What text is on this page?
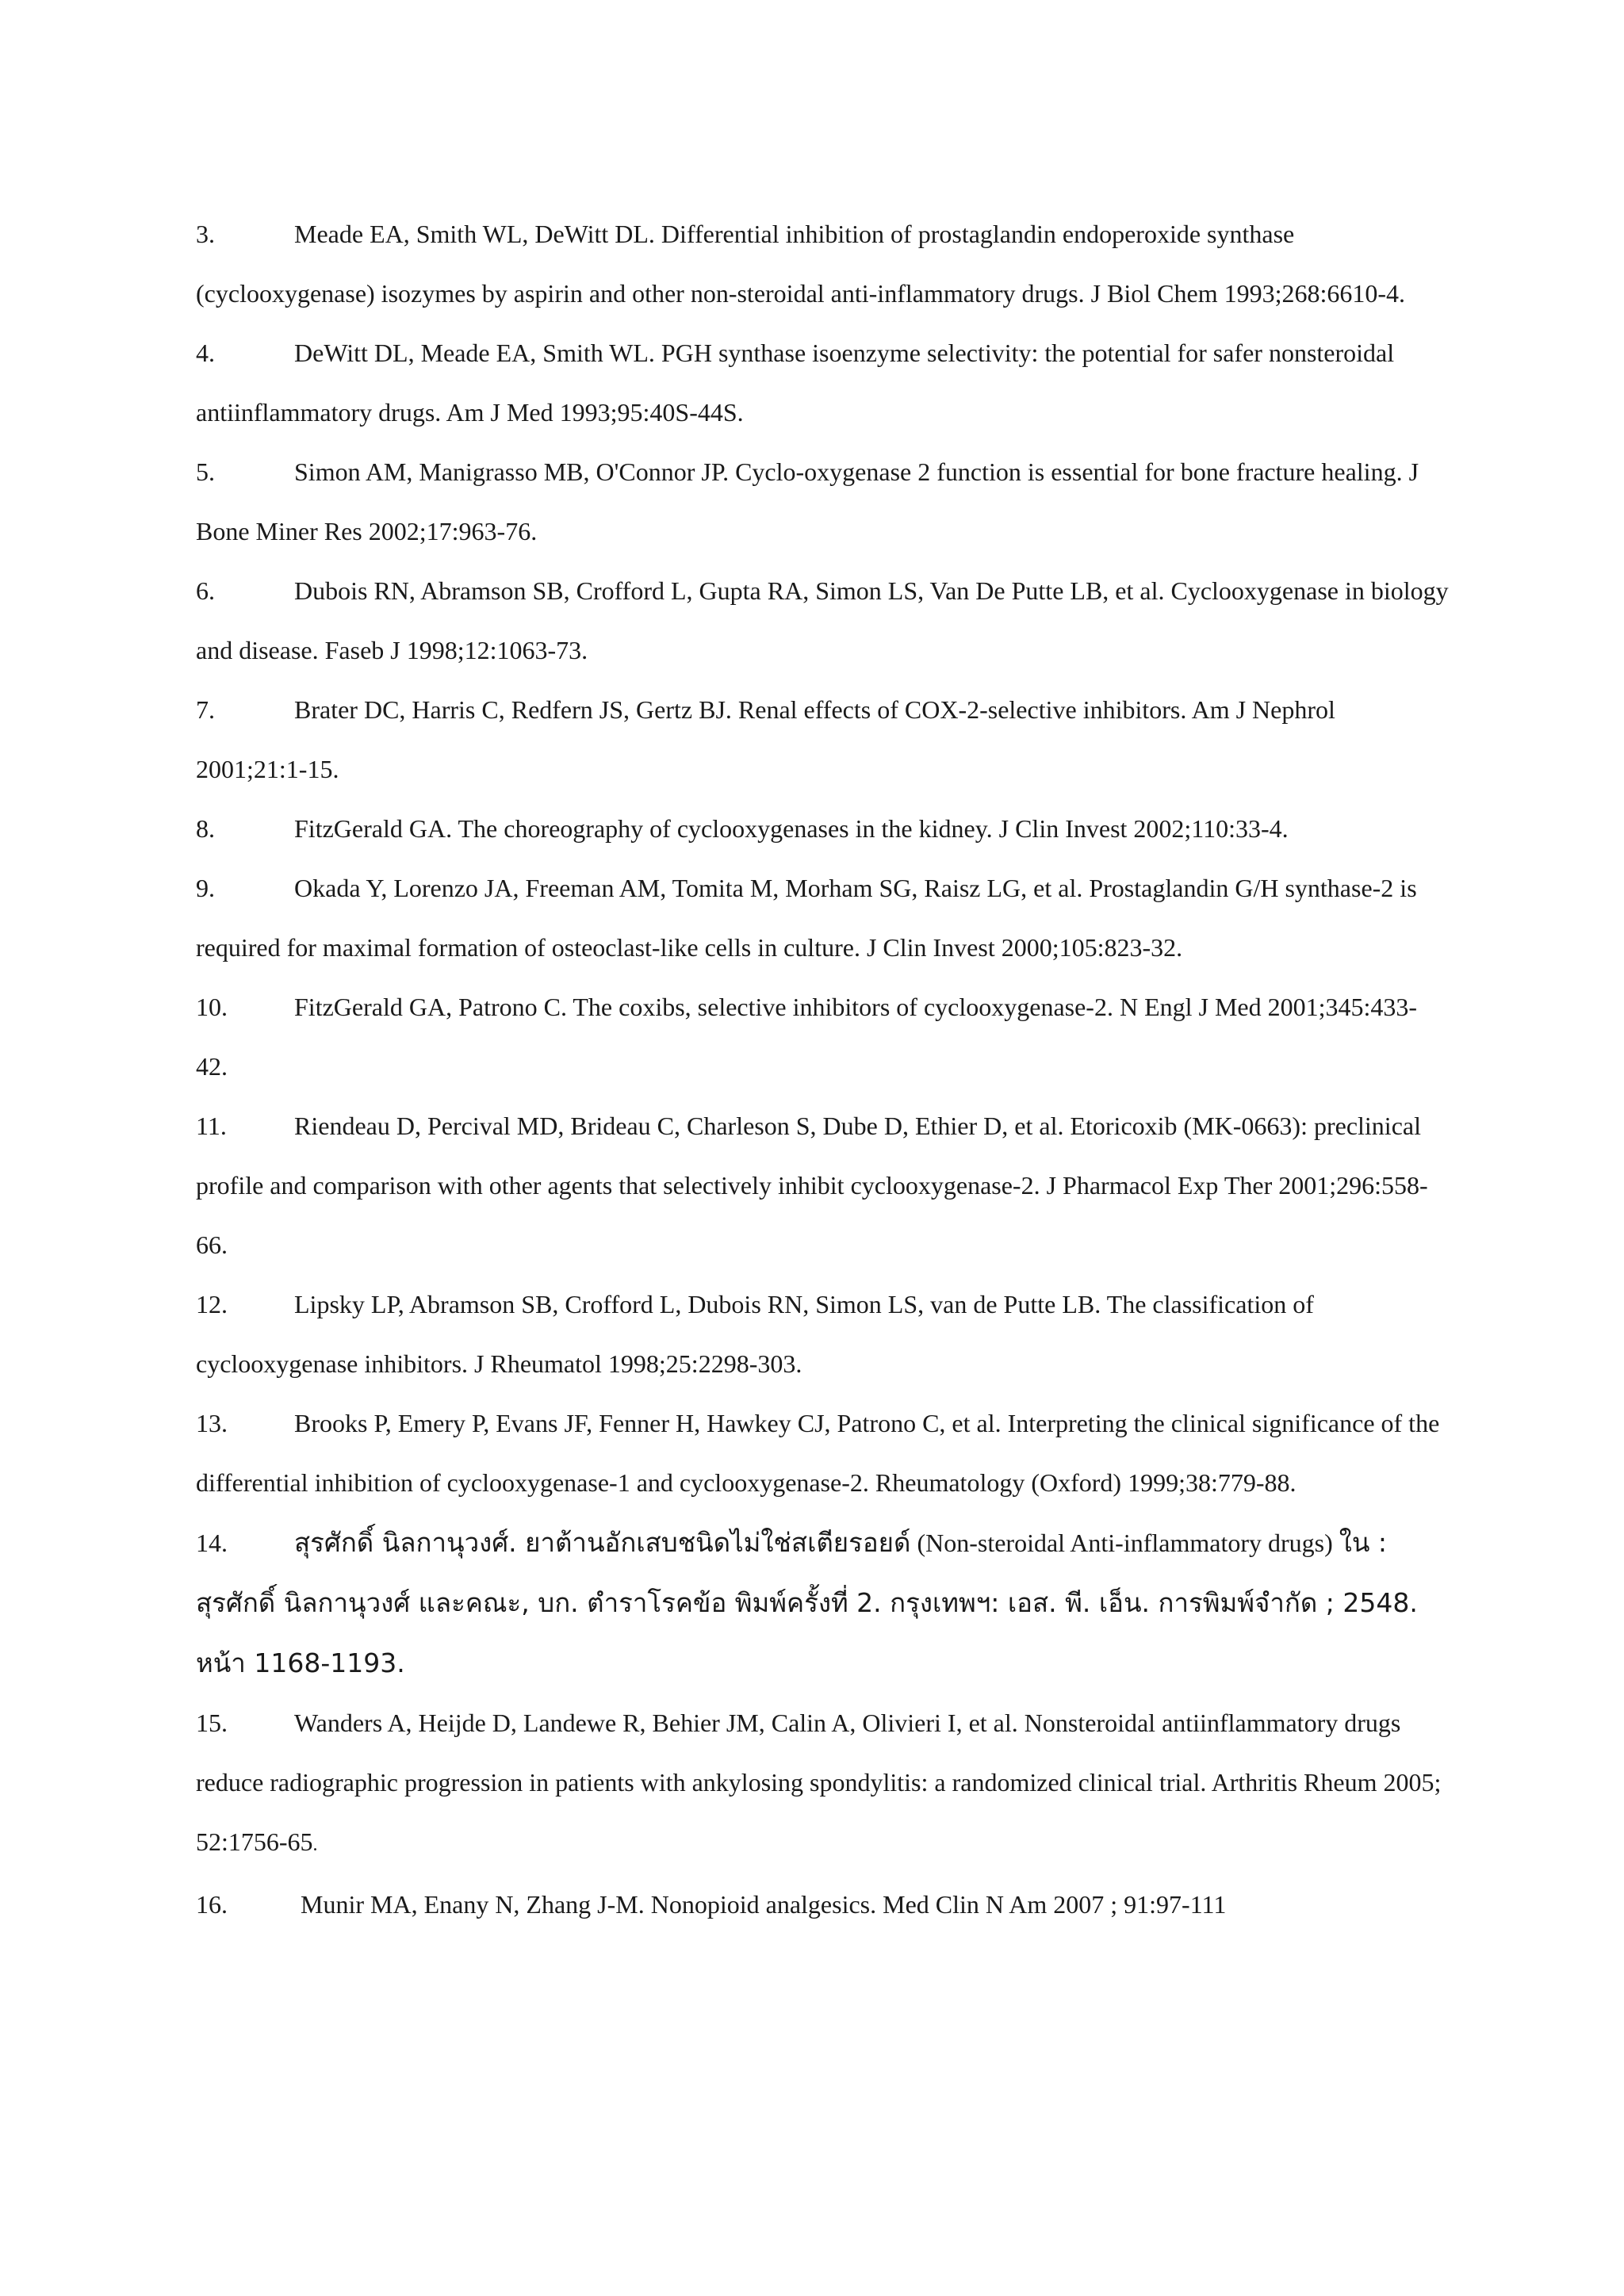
3.	Meade EA, Smith WL, DeWitt DL. Differential inhibition of prostaglandin endoperoxide synthase (cyclooxygenase) isozymes by aspirin and other non-steroidal anti-inflammatory drugs. J Biol Chem 1993;268:6610-4.

4.	DeWitt DL, Meade EA, Smith WL. PGH synthase isoenzyme selectivity: the potential for safer nonsteroidal antiinflammatory drugs. Am J Med 1993;95:40S-44S.

5.	Simon AM, Manigrasso MB, O'Connor JP. Cyclo-oxygenase 2 function is essential for bone fracture healing. J Bone Miner Res 2002;17:963-76.

6.	Dubois RN, Abramson SB, Crofford L, Gupta RA, Simon LS, Van De Putte LB, et al. Cyclooxygenase in biology and disease. Faseb J 1998;12:1063-73.

7.	Brater DC, Harris C, Redfern JS, Gertz BJ. Renal effects of COX-2-selective inhibitors. Am J Nephrol 2001;21:1-15.

8.	FitzGerald GA. The choreography of cyclooxygenases in the kidney. J Clin Invest 2002;110:33-4.

9.	Okada Y, Lorenzo JA, Freeman AM, Tomita M, Morham SG, Raisz LG, et al. Prostaglandin G/H synthase-2 is required for maximal formation of osteoclast-like cells in culture. J Clin Invest 2000;105:823-32.

10.	FitzGerald GA, Patrono C. The coxibs, selective inhibitors of cyclooxygenase-2. N Engl J Med 2001;345:433-42.

11.	Riendeau D, Percival MD, Brideau C, Charleson S, Dube D, Ethier D, et al. Etoricoxib (MK-0663): preclinical profile and comparison with other agents that selectively inhibit cyclooxygenase-2. J Pharmacol Exp Ther 2001;296:558-66.

12.	Lipsky LP, Abramson SB, Crofford L, Dubois RN, Simon LS, van de Putte LB. The classification of cyclooxygenase inhibitors. J Rheumatol 1998;25:2298-303.

13.	Brooks P, Emery P, Evans JF, Fenner H, Hawkey CJ, Patrono C, et al. Interpreting the clinical significance of the differential inhibition of cyclooxygenase-1 and cyclooxygenase-2. Rheumatology (Oxford) 1999;38:779-88.

14.	สุรศักดิ์ นิลกานุวงศ์. ยาต้านอักเสบชนิดไม่ใช่สเตียรอยด์ (Non-steroidal Anti-inflammatory drugs) ใน : สุรศักดิ์ นิลกานุวงศ์ และคณะ, บก. ตำราโรคข้อ พิมพ์ครั้งที่ 2. กรุงเทพฯ: เอส. พี. เอ็น. การพิมพ์จำกัด ; 2548. หน้า 1168-1193.

15.	Wanders A, Heijde D, Landewe R, Behier JM, Calin A, Olivieri I, et al. Nonsteroidal antiinflammatory drugs reduce radiographic progression in patients with ankylosing spondylitis: a randomized clinical trial. Arthritis Rheum 2005; 52:1756-65.

16.	Munir MA, Enany N, Zhang J-M. Nonopioid analgesics. Med Clin N Am 2007 ; 91:97-111
